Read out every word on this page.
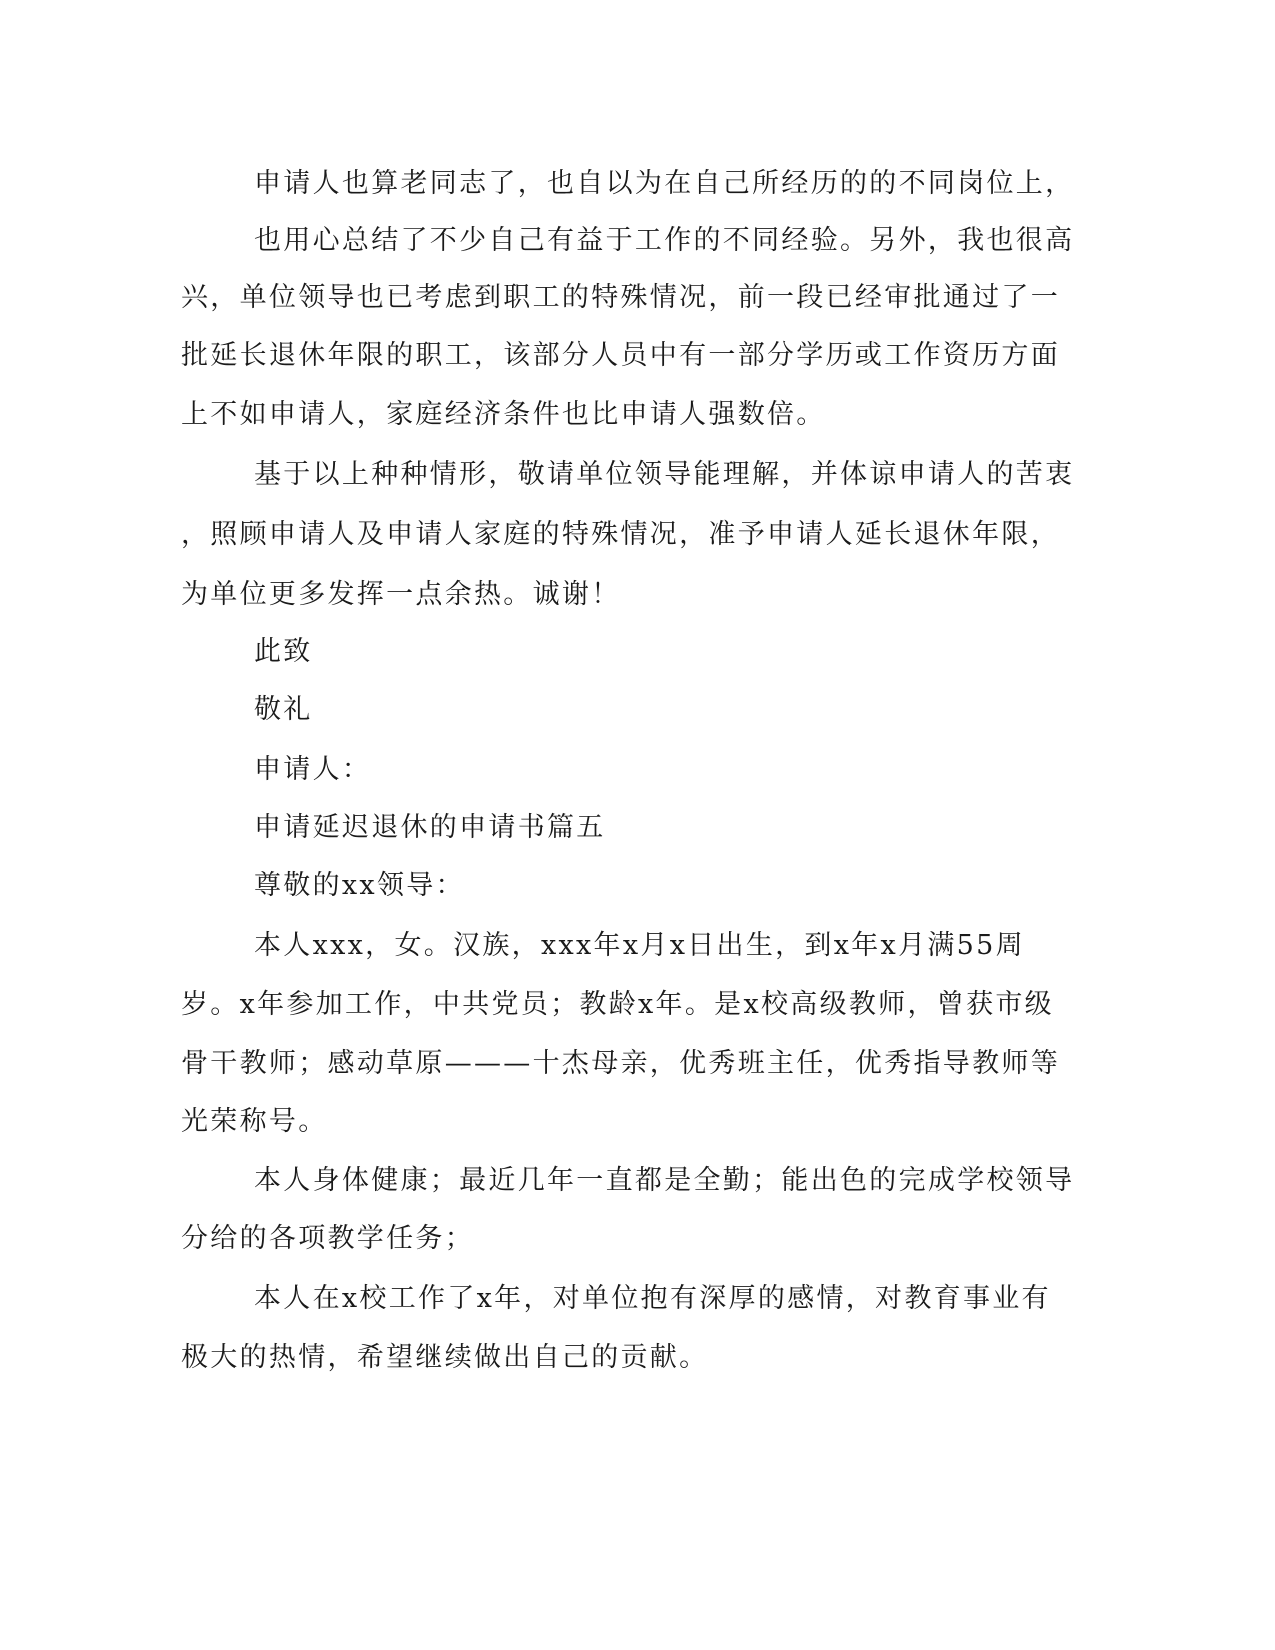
申请人也算老同志了，也自以为在自己所经历的的不同岗位上，

也用心总结了不少自己有益于工作的不同经验。另外，我也很高

兴，单位领导也已考虑到职工的特殊情况，前一段已经审批通过了一

批延长退休年限的职工，该部分人员中有一部分学历或工作资历方面

上不如申请人，家庭经济条件也比申请人强数倍。

基于以上种种情形，敬请单位领导能理解，并体谅申请人的苦衷

，照顾申请人及申请人家庭的特殊情况，准予申请人延长退休年限，

为单位更多发挥一点余热。诚谢！

此致

敬礼

申请人：

申请延迟退休的申请书篇五

尊敬的xx领导：

本人xxx，女。汉族，xxx年x月x日出生，到x年x月满55周

岁。x年参加工作，中共党员；教龄x年。是x校高级教师，曾获市级

骨干教师；感动草原———十杰母亲，优秀班主任，优秀指导教师等

光荣称号。

本人身体健康；最近几年一直都是全勤；能出色的完成学校领导

分给的各项教学任务；

本人在x校工作了x年，对单位抱有深厚的感情，对教育事业有

极大的热情，希望继续做出自己的贡献。
